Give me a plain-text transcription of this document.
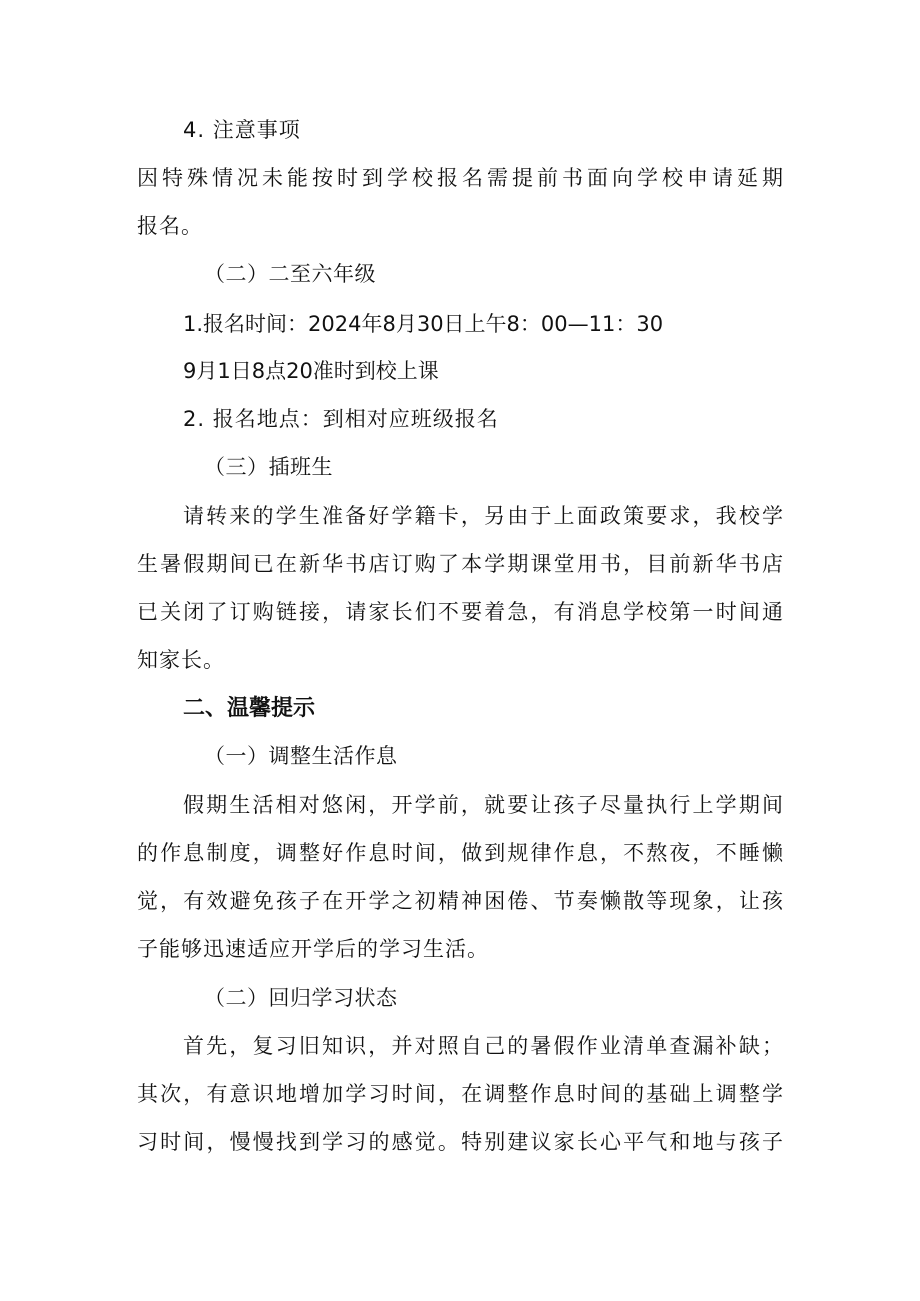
4. 注意事项
因特殊情况未能按时到学校报名需提前书面向学校申请延期
报名。
（二）二至六年级
1.报名时间：2024年8月30日上午8：00—11：30
9月1日8点20准时到校上课
2. 报名地点：到相对应班级报名
（三）插班生
请转来的学生准备好学籍卡，另由于上面政策要求，我校学
生暑假期间已在新华书店订购了本学期课堂用书，目前新华书店
已关闭了订购链接，请家长们不要着急，有消息学校第一时间通
知家长。
二、温馨提示
（一）调整生活作息
假期生活相对悠闲，开学前，就要让孩子尽量执行上学期间
的作息制度，调整好作息时间，做到规律作息，不熬夜，不睡懒
觉，有效避免孩子在开学之初精神困倦、节奏懒散等现象，让孩
子能够迅速适应开学后的学习生活。
（二）回归学习状态
首先，复习旧知识，并对照自己的暑假作业清单查漏补缺；
其次，有意识地增加学习时间，在调整作息时间的基础上调整学
习时间，慢慢找到学习的感觉。特别建议家长心平气和地与孩子
